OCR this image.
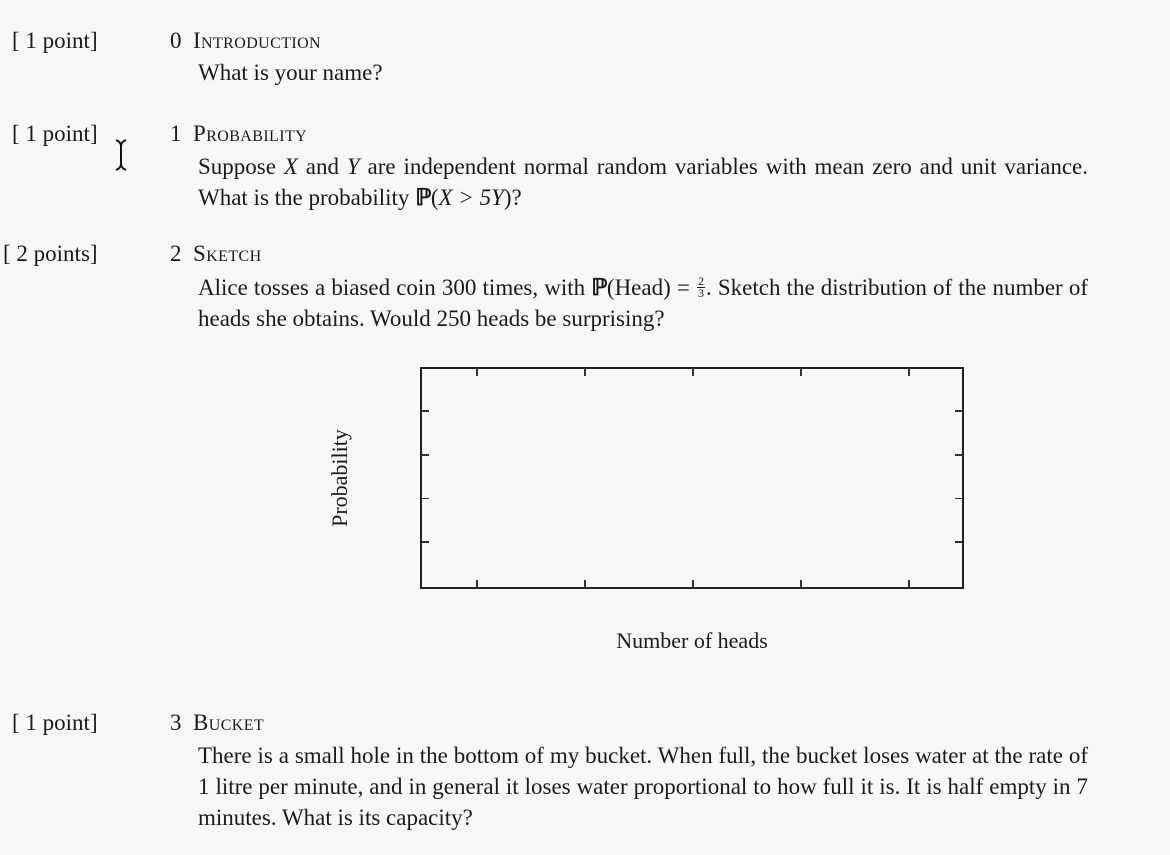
[ 1 point]	0 Introduction
What is your name?
[ 1 point]	1 Probability
Suppose X and Y are independent normal random variables with mean zero and unit variance. What is the probability ℙ(X > 5Y)?
[ 2 points]	2 Sketch
Alice tosses a biased coin 300 times, with ℙ(Head) = $\frac{2}{3}$ . Sketch the distribution of the number of heads she obtains. Would 250 heads be surprising?
Probability
Number of heads
[ 1 point]	3 Bucket
There is a small hole in the bottom of my bucket. When full, the bucket loses water at the rate of 1 litre per minute, and in general it loses water proportional to how full it is. It is half empty in 7 minutes. What is its capacity?
